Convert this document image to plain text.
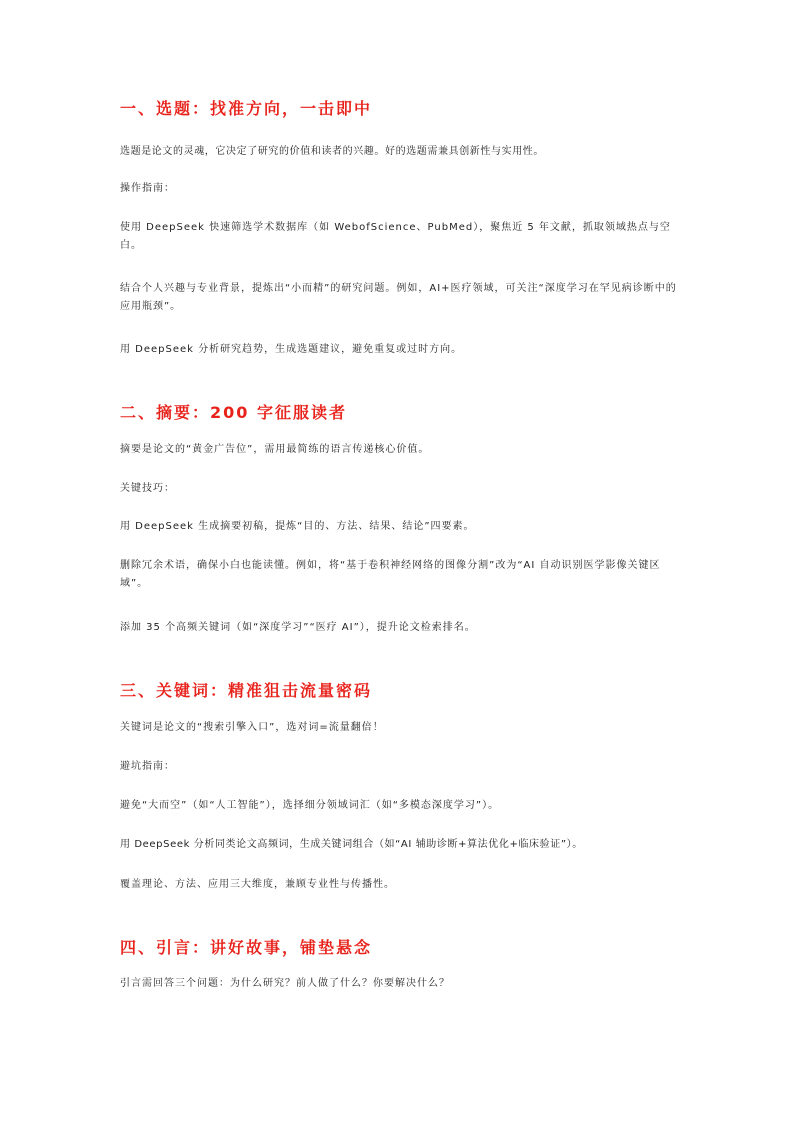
一、选题：找准方向，一击即中

选题是论文的灵魂，它决定了研究的价值和读者的兴趣。好的选题需兼具创新性与实用性。

操作指南：

使用 DeepSeek 快速筛选学术数据库（如 WebofScience、PubMed），聚焦近 5 年文献，抓取领域热点与空白。

结合个人兴趣与专业背景，提炼出“小而精”的研究问题。例如，AI+医疗领域，可关注“深度学习在罕见病诊断中的应用瓶颈”。

用 DeepSeek 分析研究趋势，生成选题建议，避免重复或过时方向。

二、摘要：200 字征服读者

摘要是论文的“黄金广告位”，需用最简练的语言传递核心价值。

关键技巧：

用 DeepSeek 生成摘要初稿，提炼“目的、方法、结果、结论”四要素。

删除冗余术语，确保小白也能读懂。例如，将“基于卷积神经网络的图像分割”改为“AI 自动识别医学影像关键区域”。

添加 35 个高频关键词（如“深度学习”“医疗 AI”），提升论文检索排名。

三、关键词：精准狙击流量密码

关键词是论文的“搜索引擎入口”，选对词=流量翻倍！

避坑指南：

避免“大而空”（如“人工智能”），选择细分领域词汇（如“多模态深度学习”）。

用 DeepSeek 分析同类论文高频词，生成关键词组合（如“AI 辅助诊断+算法优化+临床验证”）。

覆盖理论、方法、应用三大维度，兼顾专业性与传播性。

四、引言：讲好故事，铺垫悬念

引言需回答三个问题：为什么研究？前人做了什么？你要解决什么？
